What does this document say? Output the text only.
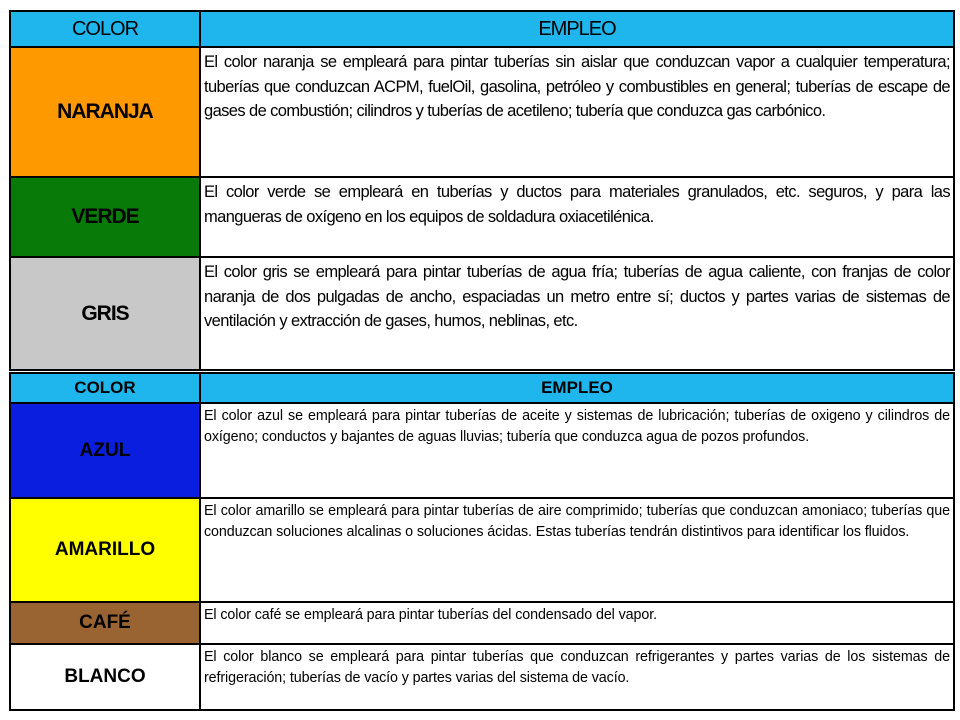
COLOR	EMPLEO
NARANJA	El color naranja se empleará para pintar tuberías sin aislar que conduzcan vapor a cualquier temperatura; tuberías que conduzcan ACPM, fuelOil, gasolina, petróleo y combustibles en general; tuberías de escape de gases de combustión; cilindros y tuberías de acetileno; tubería que conduzca gas carbónico.
VERDE	El color verde se empleará en tuberías y ductos para materiales granulados, etc. seguros, y para las mangueras de oxígeno en los equipos de soldadura oxiacetilénica.
GRIS	El color gris se empleará para pintar tuberías de agua fría; tuberías de agua caliente, con franjas de color naranja de dos pulgadas de ancho, espaciadas un metro entre sí; ductos y partes varias de sistemas de ventilación y extracción de gases, humos, neblinas, etc.
COLOR	EMPLEO
AZUL	El color azul se empleará para pintar tuberías de aceite y sistemas de lubricación; tuberías de oxigeno y cilindros de oxígeno; conductos y bajantes de aguas lluvias; tubería que conduzca agua de pozos profundos.
AMARILLO	El color amarillo se empleará para pintar tuberías de aire comprimido; tuberías que conduzcan amoniaco; tuberías que conduzcan soluciones alcalinas o soluciones ácidas. Estas tuberías tendrán distintivos para identificar los fluidos.
CAFÉ	El color café se empleará para pintar tuberías del condensado del vapor.
BLANCO	El color blanco se empleará para pintar tuberías que conduzcan refrigerantes y partes varias de los sistemas de refrigeración; tuberías de vacío y partes varias del sistema de vacío.
